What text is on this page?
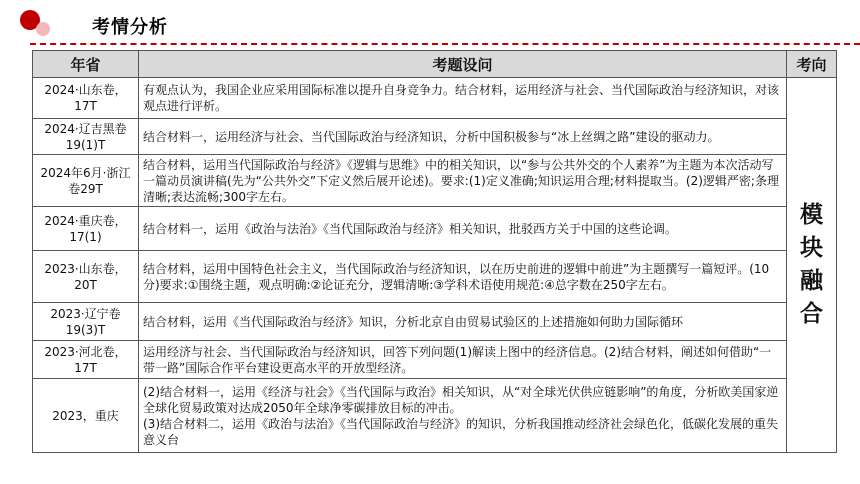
考情分析
年省	考题设问	考向
2024·山东卷，17T	有观点认为，我国企业应采用国际标准以提升自身竞争力。结合材料，运用经济与社会、当代国际政治与经济知识，对该观点进行评析。	模块融合
2024·辽吉黑卷19(1)T	结合材料一，运用经济与社会、当代国际政治与经济知识，分析中国积极参与“冰上丝绸之路”建设的驱动力。	
2024年6月·浙江卷29T	结合材料，运用当代国际政治与经济》《逻辑与思维》中的相关知识，以“参与公共外交的个人素养”为主题为本次活动写一篇动员演讲稿(先为“公共外交”下定义然后展开论述)。要求:(1)定义准确;知识运用合理;材料提取当。(2)逻辑严密;条理清晰;表达流畅;300字左右。	
2024·重庆卷，17(1)	结合材料一，运用《政治与法治》《当代国际政治与经济》相关知识，批驳西方关于中国的这些论调。	
2023·山东卷，20T	结合材料，运用中国特色社会主义，当代国际政治与经济知识，以在历史前进的逻辑中前进”为主题撰写一篇短评。(10分)要求:①围绕主题，观点明确:②论证充分，逻辑清晰:③学科术语使用规范:④总字数在250字左右。	
2023·辽宁卷19(3)T	结合材料，运用《当代国际政治与经济》知识，分析北京自由贸易试验区的上述措施如何助力国际循环	
2023·河北卷，17T	运用经济与社会、当代国际政治与经济知识，回答下列问题(1)解读上图中的经济信息。(2)结合材料，阐述如何借助“一带一路”国际合作平台建设更高水平的开放型经济。	
2023，重庆	(2)结合材料一，运用《经济与社会》《当代国际与政治》相关知识，从“对全球光伏供应链影响”的角度，分析欧美国家逆全球化贸易政策对达成2050年全球净零碳排放目标的冲击。
(3)结合材料二，运用《政治与法治》《当代国际政治与经济》的知识，分析我国推动经济社会绿色化，低碳化发展的重失意义台	
